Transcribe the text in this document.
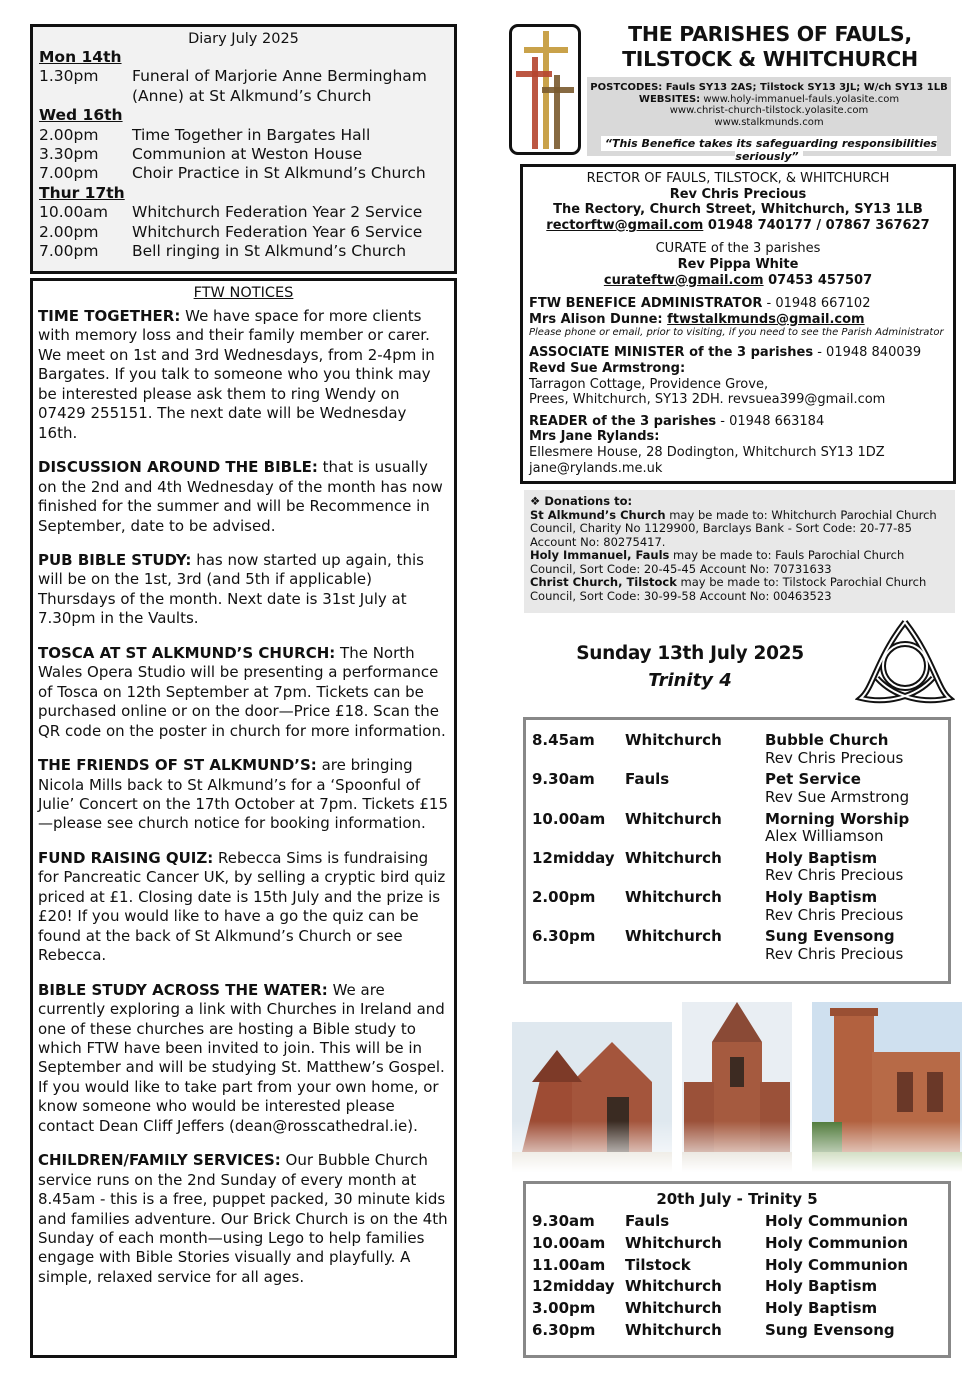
Diary July 2025
Mon 14th
1.30pm	Funeral of Marjorie Anne Bermingham (Anne) at St Alkmund’s Church
Wed 16th
2.00pm	Time Together in Bargates Hall
3.30pm	Communion at Weston House
7.00pm	Choir Practice in St Alkmund’s Church
Thur 17th
10.00am	Whitchurch Federation Year 2 Service
2.00pm	Whitchurch Federation Year 6 Service
7.00pm	Bell ringing in St Alkmund’s Church
FTW NOTICES
TIME TOGETHER: We have space for more clients with memory loss and their family member or carer. We meet on 1st and 3rd Wednesdays, from 2-4pm in Bargates. If you talk to someone who you think may be interested please ask them to ring Wendy on 07429 255151. The next date will be Wednesday 16th.
DISCUSSION AROUND THE BIBLE: that is usually on the 2nd and 4th Wednesday of the month has now finished for the summer and will be Recommence in September, date to be advised.
PUB BIBLE STUDY: has now started up again, this will be on the 1st, 3rd (and 5th if applicable) Thursdays of the month. Next date is 31st July at 7.30pm in the Vaults.
TOSCA AT ST ALKMUND’S CHURCH: The North Wales Opera Studio will be presenting a performance of Tosca on 12th September at 7pm. Tickets can be purchased online or on the door—Price £18. Scan the QR code on the poster in church for more information.
THE FRIENDS OF ST ALKMUND’S: are bringing Nicola Mills back to St Alkmund’s for a ‘Spoonful of Julie’ Concert on the 17th October at 7pm. Tickets £15—please see church notice for booking information.
FUND RAISING QUIZ: Rebecca Sims is fundraising for Pancreatic Cancer UK, by selling a cryptic bird quiz priced at £1. Closing date is 15th July and the prize is £20! If you would like to have a go the quiz can be found at the back of St Alkmund’s Church or see Rebecca.
BIBLE STUDY ACROSS THE WATER: We are currently exploring a link with Churches in Ireland and one of these churches are hosting a Bible study to which FTW have been invited to join. This will be in September and will be studying St. Matthew’s Gospel. If you would like to take part from your own home, or know someone who would be interested please contact Dean Cliff Jeffers (dean@rosscathedral.ie).
CHILDREN/FAMILY SERVICES: Our Bubble Church service runs on the 2nd Sunday of every month at 8.45am - this is a free, puppet packed, 30 minute kids and families adventure. Our Brick Church is on the 4th Sunday of each month—using Lego to help families engage with Bible Stories visually and playfully. A simple, relaxed service for all ages.
THE PARISHES OF FAULS,
TILSTOCK & WHITCHURCH
POSTCODES: Fauls SY13 2AS; Tilstock SY13 3JL; W/ch SY13 1LB
WEBSITES: www.holy-immanuel-fauls.yolasite.com
www.christ-church-tilstock.yolasite.com
www.stalkmunds.com
“This Benefice takes its safeguarding responsibilities seriously”
RECTOR OF FAULS, TILSTOCK, & WHITCHURCH
Rev Chris Precious
The Rectory, Church Street, Whitchurch, SY13 1LB
rectorftw@gmail.com 01948 740177 / 07867 367627
CURATE of the 3 parishes
Rev Pippa White
curateftw@gmail.com 07453 457507
FTW BENEFICE ADMINISTRATOR - 01948 667102
Mrs Alison Dunne: ftwstalkmunds@gmail.com
Please phone or email, prior to visiting, if you need to see the Parish Administrator
ASSOCIATE MINISTER of the 3 parishes - 01948 840039
Revd Sue Armstrong:
Tarragon Cottage, Providence Grove,
Prees, Whitchurch, SY13 2DH. revsuea399@gmail.com
READER of the 3 parishes - 01948 663184
Mrs Jane Rylands:
Ellesmere House, 28 Dodington, Whitchurch SY13 1DZ
jane@rylands.me.uk
❖ Donations to:
St Alkmund’s Church may be made to: Whitchurch Parochial Church Council, Charity No 1129900, Barclays Bank - Sort Code: 20-77-85 Account No: 80275417.
Holy Immanuel, Fauls may be made to: Fauls Parochial Church Council, Sort Code: 20-45-45 Account No: 70731633
Christ Church, Tilstock may be made to: Tilstock Parochial Church Council, Sort Code: 30-99-58 Account No: 00463523
Sunday 13th July 2025
Trinity 4
8.45am	Whitchurch	Bubble Church
Rev Chris Precious
9.30am	Fauls	Pet Service
Rev Sue Armstrong
10.00am	Whitchurch	Morning Worship
Alex Williamson
12midday Whitchurch	Holy Baptism
Rev Chris Precious
2.00pm	Whitchurch	Holy Baptism
Rev Chris Precious
6.30pm	Whitchurch	Sung Evensong
Rev Chris Precious
20th July - Trinity 5
9.30am	Fauls	Holy Communion
10.00am	Whitchurch	Holy Communion
11.00am	Tilstock	Holy Communion
12midday Whitchurch	Holy Baptism
3.00pm	Whitchurch	Holy Baptism
6.30pm	Whitchurch	Sung Evensong
